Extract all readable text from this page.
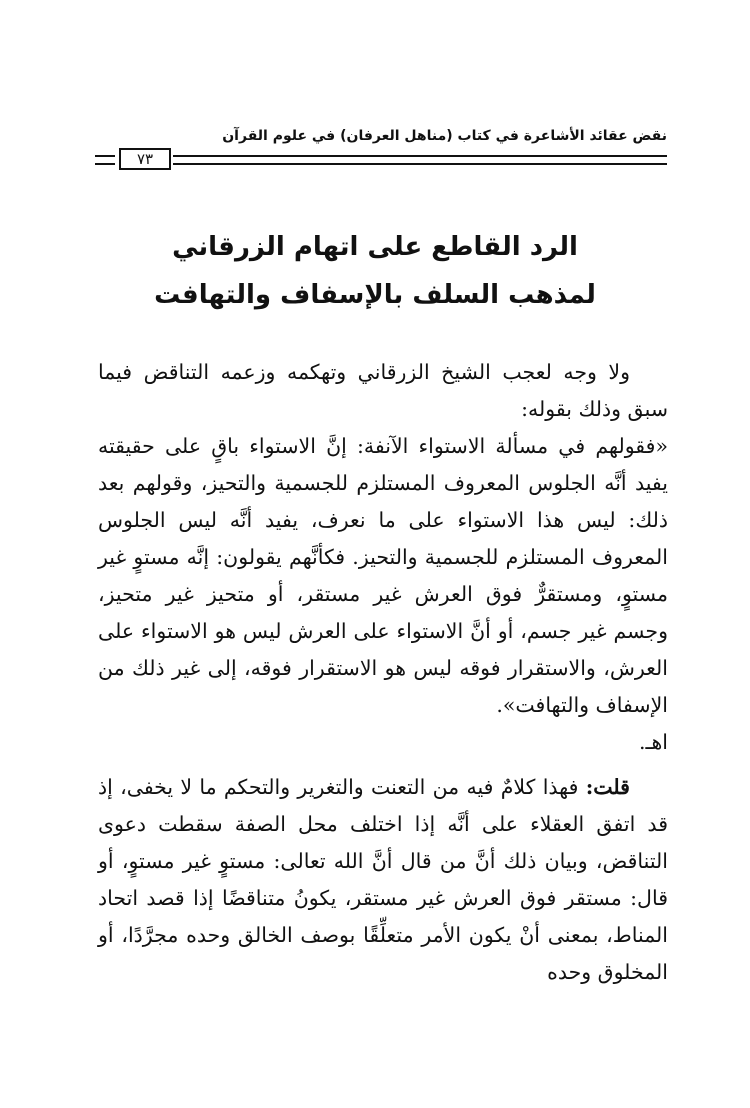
نقض عقائد الأشاعرة في كتاب (مناهل العرفان) في علوم القرآن
٧٣
الرد القاطع على اتهام الزرقاني
لمذهب السلف بالإسفاف والتهافت

ولا وجه لعجب الشيخ الزرقاني وتهكمه وزعمه التناقض فيما سبق وذلك بقوله:

«فقولهم في مسألة الاستواء الآنفة: إنَّ الاستواء باقٍ على حقيقته يفيد أنَّه الجلوس المعروف المستلزم للجسمية والتحيز، وقولهم بعد ذلك: ليس هذا الاستواء على ما نعرف، يفيد أنَّه ليس الجلوس المعروف المستلزم للجسمية والتحيز. فكأنَّهم يقولون: إنَّه مستوٍ غير مستوٍ، ومستقرٌّ فوق العرش غير مستقر، أو متحيز غير متحيز، وجسم غير جسم، أو أنَّ الاستواء على العرش ليس هو الاستواء على العرش، والاستقرار فوقه ليس هو الاستقرار فوقه، إلى غير ذلك من الإسفاف والتهافت».

اهـ.

قلت: فهذا كلامٌ فيه من التعنت والتغرير والتحكم ما لا يخفى، إذ قد اتفق العقلاء على أنَّه إذا اختلف محل الصفة سقطت دعوى التناقض، وبيان ذلك أنَّ من قال أنَّ الله تعالى: مستوٍ غير مستوٍ، أو قال: مستقر فوق العرش غير مستقر، يكونُ متناقضًا إذا قصد اتحاد المناط، بمعنى أنْ يكون الأمر متعلِّقًا بوصف الخالق وحده مجرَّدًا، أو المخلوق وحده
